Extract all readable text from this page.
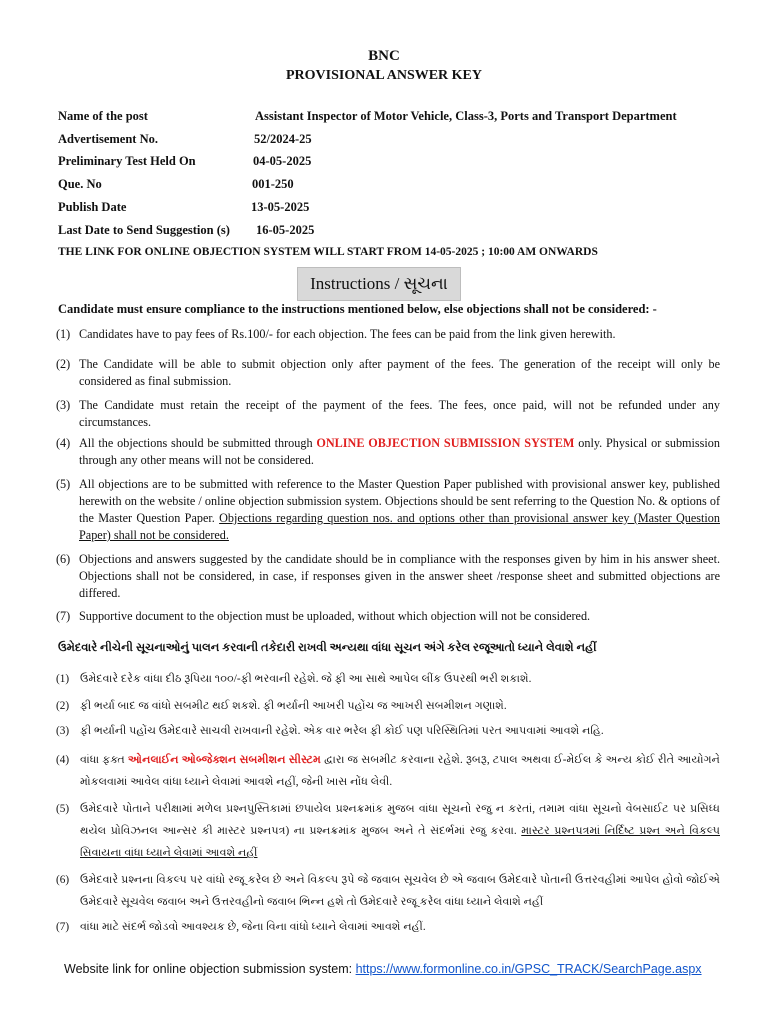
BNC
PROVISIONAL ANSWER KEY
Name of the post	Assistant Inspector of Motor Vehicle, Class-3, Ports and Transport Department
Advertisement No.	52/2024-25
Preliminary Test Held On	04-05-2025
Que. No	001-250
Publish Date	13-05-2025
Last Date to Send Suggestion (s) 16-05-2025
THE LINK FOR ONLINE OBJECTION SYSTEM WILL START FROM 14-05-2025 ; 10:00 AM ONWARDS
Instructions / સૂચના
Candidate must ensure compliance to the instructions mentioned below, else objections shall not be considered: -
(1) Candidates have to pay fees of Rs.100/- for each objection. The fees can be paid from the link given herewith.
(2) The Candidate will be able to submit objection only after payment of the fees. The generation of the receipt will only be considered as final submission.
(3) The Candidate must retain the receipt of the payment of the fees. The fees, once paid, will not be refunded under any circumstances.
(4) All the objections should be submitted through ONLINE OBJECTION SUBMISSION SYSTEM only. Physical or submission through any other means will not be considered.
(5) All objections are to be submitted with reference to the Master Question Paper published with provisional answer key, published herewith on the website / online objection submission system. Objections should be sent referring to the Question No. & options of the Master Question Paper. Objections regarding question nos. and options other than provisional answer key (Master Question Paper) shall not be considered.
(6) Objections and answers suggested by the candidate should be in compliance with the responses given by him in his answer sheet. Objections shall not be considered, in case, if responses given in the answer sheet /response sheet and submitted objections are differed.
(7) Supportive document to the objection must be uploaded, without which objection will not be considered.
ઉમેદવારે નીચેની સૂચનાઓનું પાલન કરવાની તકેદારી રાખવી અન્યથા વાંધા સૂચન અંગે કરેલ રજૂઆતો ધ્યાને લેવાશે નહીં
(1) ઉમેદવારે દરેક વાંધા દીઠ રૂપિયા ૧૦૦/-ફી ભરવાની રહેશે. જે ફી આ સાથે આપેલ લીંક ઉપરથી ભરી શકાશે.
(2) ફી ભર્યા બાદ જ વાંધો સબમીટ થઈ શકશે. ફી ભર્યાની આખરી પહોંચ જ આખરી સબમીશન ગણાશે.
(3) ફી ભર્યાની પહોંચ ઉમેદવારે સાચવી રાખવાની રહેશે. એક વાર ભરેલ ફી કોઈ પણ પરિસ્થિતિમાં પરત આપવામાં આવશે નહિ.
(4) વાંધા ફક્ત ઓનલાઈન ઓબ્જેક્શન સબમીશન સીસ્ટમ દ્વારા જ સબમીટ કરવાના રહેશે. રૂબરૂ, ટપાલ અથવા ઈ-મેઈલ કે અન્ય કોઈ રીતે આયોગને મોકલવામાં આવેલ વાંધા ધ્યાને લેવામાં આવશે નહીં, જેની ખાસ નોંધ લેવી.
(5) ઉમેદવારે પોતાને પરીક્ષામાં મળેલ પ્રશ્નપુસ્તિકામાં છપાયેલ પ્રશ્નક્રમાંક મુજબ વાંધા સૂચનો રજુ ન કરતાં, તમામ વાંધા સૂચનો વેબસાઈટ પર પ્રસિધ્ધ થયેલ પ્રોવિઝનલ આન્સર કી માસ્ટર પ્રશ્નપત્ર) ના પ્રશ્નક્રમાંક મુજબ અને તે સંદર્ભમાં રજુ કરવા. માસ્ટર પ્રશ્નપત્રમાં નિર્દિષ્ટ પ્રશ્ન અને વિકલ્પ સિવાયના વાંધા ધ્યાને લેવામાં આવશે નહીં
(6) ઉમેદવારે પ્રશ્નના વિકલ્પ પર વાંધો રજૂ કરેલ છે અને વિકલ્પ રૂપે જે જવાબ સૂચવેલ છે એ જવાબ ઉમેદવારે પોતાની ઉત્તરવહીમાં આપેલ હોવો જોઈએ ઉમેદવારે સૂચવેલ જવાબ અને ઉત્તરવહીનો જવાબ ભિન્ન હશે તો ઉમેદવારે રજૂ કરેલ વાંધા ધ્યાને લેવાશે નહીં
(7) વાંધા માટે સંદર્ભ જોડવો આવશ્યક છે, જેના વિના વાંધો ધ્યાને લેવામાં આવશે નહીં.
Website link for online objection submission system: https://www.formonline.co.in/GPSC_TRACK/SearchPage.aspx
